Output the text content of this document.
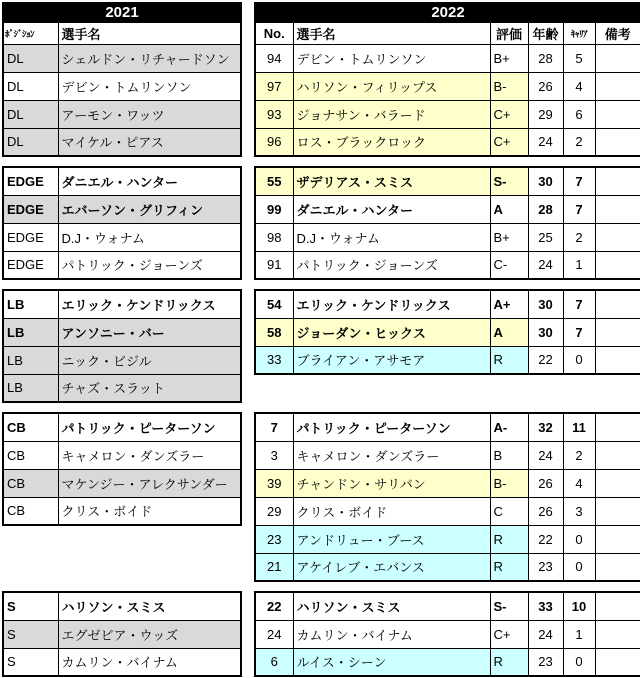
2021	
ﾎﾟｼﾞｼｮﾝ	選手名
DL	シェルドン・リチャードソン
DL	デビン・トムリンソン
DL	アーモン・ワッツ
DL	マイケル・ピアス
2022					
No.	選手名	評価	年齢	ｷｬﾘｱ	備考
94	デビン・トムリンソン	B+	28	5	
97	ハリソン・フィリップス	B-	26	4	
93	ジョナサン・バラード	C+	29	6	
96	ロス・ブラックロック	C+	24	2	
EDGE	ダニエル・ハンター
EDGE	エバーソン・グリフィン
EDGE	D.J・ウォナム
EDGE	パトリック・ジョーンズ
55	ザデリアス・スミス	S-	30	7	
99	ダニエル・ハンター	A	28	7	
98	D.J・ウォナム	B+	25	2	
91	パトリック・ジョーンズ	C-	24	1	
LB	エリック・ケンドリックス
LB	アンソニー・バー
LB	ニック・ビジル
LB	チャズ・スラット
54	エリック・ケンドリックス	A+	30	7	
58	ジョーダン・ヒックス	A	30	7	
33	ブライアン・アサモア	R	22	0	
CB	パトリック・ピーターソン
CB	キャメロン・ダンズラー
CB	マケンジー・アレクサンダー
CB	クリス・ボイド
7	パトリック・ピーターソン	A-	32	11	
3	キャメロン・ダンズラー	B	24	2	
39	チャンドン・サリバン	B-	26	4	
29	クリス・ボイド	C	26	3	
23	アンドリュー・ブース	R	22	0	
21	アケイレブ・エバンス	R	23	0	
S	ハリソン・スミス
S	エグゼビア・ウッズ
S	カムリン・バイナム
22	ハリソン・スミス	S-	33	10	
24	カムリン・バイナム	C+	24	1	
6	ルイス・シーン	R	23	0	
